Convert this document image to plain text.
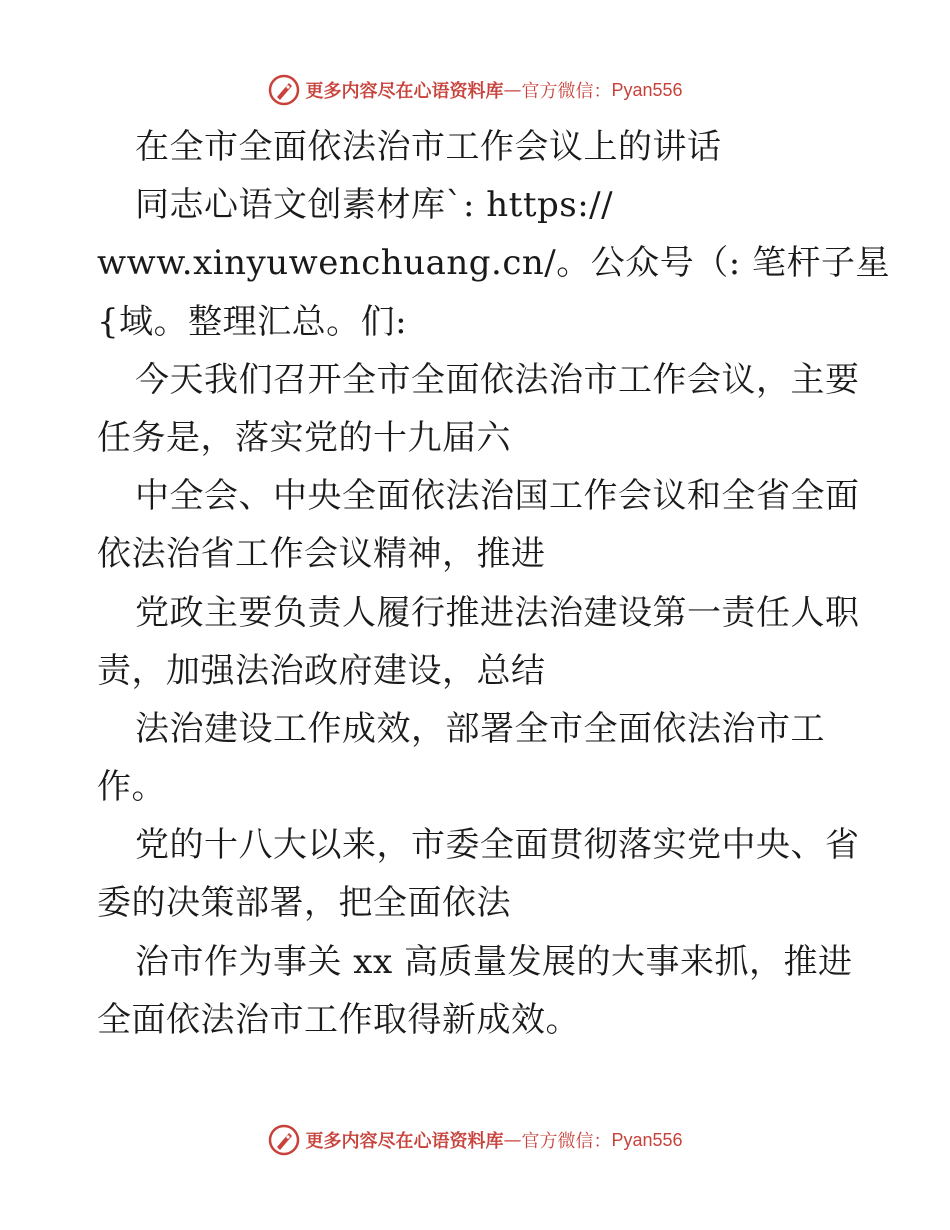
更多内容尽在心语资料库 — 官方微信： Pyan556
在全市全面依法治市工作会议上的讲话
同志心语文创素材库`: https://
www.xinyuwenchuang.cn/。公众号（: 笔杆子星
{域。整理汇总。们:
今天我们召开全市全面依法治市工作会议，主要
任务是，落实党的十九届六
中全会、中央全面依法治国工作会议和全省全面
依法治省工作会议精神，推进
党政主要负责人履行推进法治建设第一责任人职
责，加强法治政府建设，总结
法治建设工作成效，部署全市全面依法治市工
作。
党的十八大以来，市委全面贯彻落实党中央、省
委的决策部署，把全面依法
治市作为事关 xx 高质量发展的大事来抓，推进
全面依法治市工作取得新成效。
更多内容尽在心语资料库 — 官方微信： Pyan556
